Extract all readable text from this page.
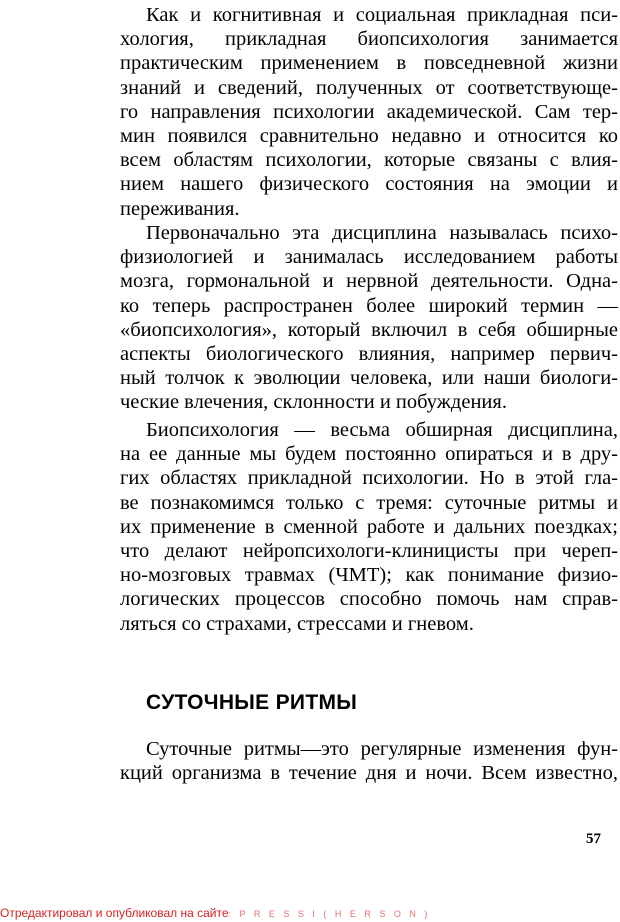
Как и когнитивная и социальная прикладная пси-
хология, прикладная биопсихология занимается
практическим применением в повседневной жизни
знаний и сведений, полученных от соответствующе-
го направления психологии академической. Сам тер-
мин появился сравнительно недавно и относится ко
всем областям психологии, которые связаны с влия-
нием нашего физического состояния на эмоции и
переживания.
Первоначально эта дисциплина называлась психо-
физиологией и занималась исследованием работы
мозга, гормональной и нервной деятельности. Одна-
ко теперь распространен более широкий термин —
«биопсихология», который включил в себя обширные
аспекты биологического влияния, например первич-
ный толчок к эволюции человека, или наши биологи-
ческие влечения, склонности и побуждения.
Биопсихология — весьма обширная дисциплина,
на ее данные мы будем постоянно опираться и в дру-
гих областях прикладной психологии. Но в этой гла-
ве познакомимся только с тремя: суточные ритмы и
их применение в сменной работе и дальних поездках;
что делают нейропсихологи-клиницисты при череп-
но-мозговых травмах (ЧМТ); как понимание физио-
логических процессов способно помочь нам справ-
ляться со страхами, стрессами и гневом.
СУТОЧНЫЕ РИТМЫ
Суточные ритмы—это регулярные изменения фун-
кций организма в течение дня и ночи. Всем известно,
57
Отредактировал и опубликовал на сайте: P R E S S I ( H E R S O N )
